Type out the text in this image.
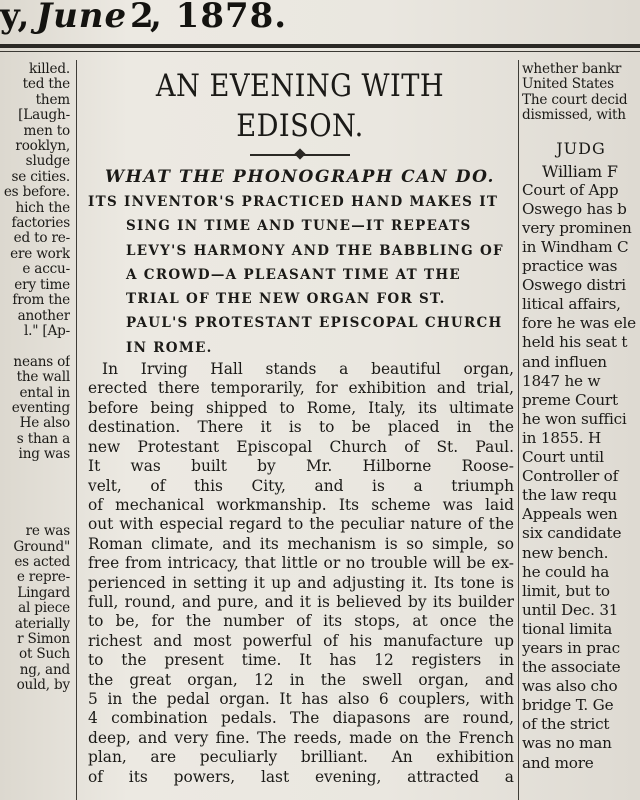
y, June 2
, 1878.
killed.
ted the
them
[Laugh-
men to
rooklyn,
sludge
se cities.
es before.
hich the
factories
ed to re-
ere work
e accu-
ery time
from the
another
l." [Ap-
neans of
the wall
ental in
eventing
He also
s than a
ing was
re was
Ground"
es acted
e repre-
Lingard
al piece
aterially
r Simon
ot Such
ng, and
ould, by
AN EVENING WITH EDISON.
WHAT THE PHONOGRAPH CAN DO.
ITS INVENTOR'S PRACTICED HAND MAKES IT
SING IN TIME AND TUNE—IT REPEATS
LEVY'S HARMONY AND THE BABBLING OF
A CROWD—A PLEASANT TIME AT THE
TRIAL OF THE NEW ORGAN FOR ST.
PAUL'S PROTESTANT EPISCOPAL CHURCH
IN ROME.
In Irving Hall stands a beautiful organ,
erected there temporarily, for exhibition and trial,
before being shipped to Rome, Italy, its ultimate
destination. There it is to be placed in the
new Protestant Episcopal Church of St. Paul.
It was built by Mr. Hilborne Roose-
velt, of this City, and is a triumph
of mechanical workmanship. Its scheme was laid
out with especial regard to the peculiar nature of the
Roman climate, and its mechanism is so simple, so
free from intricacy, that little or no trouble will be ex-
perienced in setting it up and adjusting it. Its tone is
full, round, and pure, and it is believed by its builder
to be, for the number of its stops, at once the
richest and most powerful of his manufacture up
to the present time. It has 12 registers in
the great organ, 12 in the swell organ, and
5 in the pedal organ. It has also 6 couplers, with
4 combination pedals. The diapasons are round,
deep, and very fine. The reeds, made on the French
plan, are peculiarly brilliant. An exhibition
of its powers, last evening, attracted a
whether bankr
United States
The court decid
dismissed, with
JUDG
William F
Court of App
Oswego has b
very prominen
in Windham C
practice was
Oswego distri
litical affairs,
fore he was ele
held his seat t
and influen
1847 he w
preme Court
he won suffici
in 1855. H
Court until
Controller of
the law requ
Appeals wen
six candidate
new bench.
he could ha
limit, but to
until Dec. 31
tional limita
years in prac
the associate
was also cho
bridge T. Ge
of the strict
was no man
and more
